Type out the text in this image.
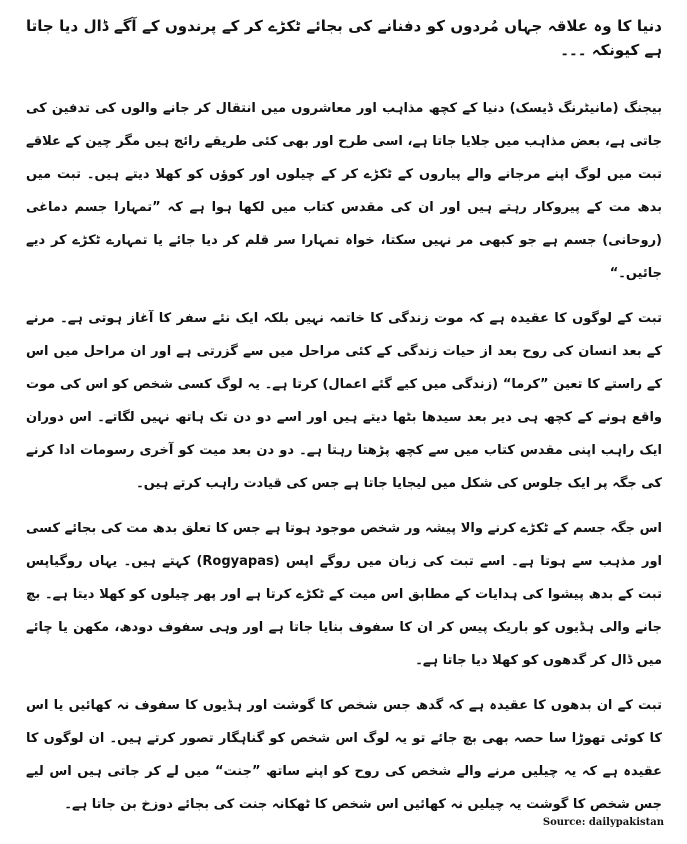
دنیا کا وہ علاقہ جہاں مُردوں کو دفنانے کی بجائے ٹکڑے کر کے پرندوں کے آگے ڈال دیا جاتا ہے کیونکہ ۔۔۔

بیجنگ (مانیٹرنگ ڈیسک) دنیا کے کچھ مذاہب اور معاشروں میں انتقال کر جانے والوں کی تدفین کی جاتی ہے، بعض مذاہب میں جلایا جاتا ہے، اسی طرح اور بھی کئی طریقے رائج ہیں مگر چین کے علاقے تبت میں لوگ اپنے مرجانے والے پیاروں کے ٹکڑے کر کے چیلوں اور کوؤں کو کھلا دیتے ہیں۔ تبت میں بدھ مت کے پیروکار رہتے ہیں اور ان کی مقدس کتاب میں لکھا ہوا ہے کہ ”تمہارا جسم دماغی (روحانی) جسم ہے جو کبھی مر نہیں سکتا، خواہ تمہارا سر قلم کر دیا جائے یا تمہارے ٹکڑے کر دیے جائیں۔“

تبت کے لوگوں کا عقیدہ ہے کہ موت زندگی کا خاتمہ نہیں بلکہ ایک نئے سفر کا آغاز ہوتی ہے۔ مرنے کے بعد انسان کی روح بعد از حیات زندگی کے کئی مراحل میں سے گزرتی ہے اور ان مراحل میں اس کے راستے کا تعین ”کرما“ (زندگی میں کیے گئے اعمال) کرتا ہے۔ یہ لوگ کسی شخص کو اس کی موت واقع ہونے کے کچھ ہی دیر بعد سیدھا بٹھا دیتے ہیں اور اسے دو دن تک ہاتھ نہیں لگاتے۔ اس دوران ایک راہب اپنی مقدس کتاب میں سے کچھ پڑھتا رہتا ہے۔ دو دن بعد میت کو آخری رسومات ادا کرنے کی جگہ پر ایک جلوس کی شکل میں لیجایا جاتا ہے جس کی قیادت راہب کرتے ہیں۔

اس جگہ جسم کے ٹکڑے کرنے والا پیشہ ور شخص موجود ہوتا ہے جس کا تعلق بدھ مت کی بجائے کسی اور مذہب سے ہوتا ہے۔ اسے تبت کی زبان میں روگے اپس (Rogyapas) کہتے ہیں۔ یہاں روگیاپس تبت کے بدھ پیشوا کی ہدایات کے مطابق اس میت کے ٹکڑے کرتا ہے اور پھر چیلوں کو کھلا دیتا ہے۔ بچ جانے والی ہڈیوں کو باریک پیس کر ان کا سفوف بنایا جاتا ہے اور وہی سفوف دودھ، مکھن یا چائے میں ڈال کر گدھوں کو کھلا دیا جاتا ہے۔

تبت کے ان بدھوں کا عقیدہ ہے کہ گدھ جس شخص کا گوشت اور ہڈیوں کا سفوف نہ کھائیں یا اس کا کوئی تھوڑا سا حصہ بھی بچ جائے تو یہ لوگ اس شخص کو گناہگار تصور کرتے ہیں۔ ان لوگوں کا عقیدہ ہے کہ یہ چیلیں مرنے والے شخص کی روح کو اپنے ساتھ ”جنت“ میں لے کر جاتی ہیں اس لیے جس شخص کا گوشت یہ چیلیں نہ کھائیں اس شخص کا ٹھکانہ جنت کی بجائے دوزخ بن جاتا ہے۔

Source: dailypakistan
